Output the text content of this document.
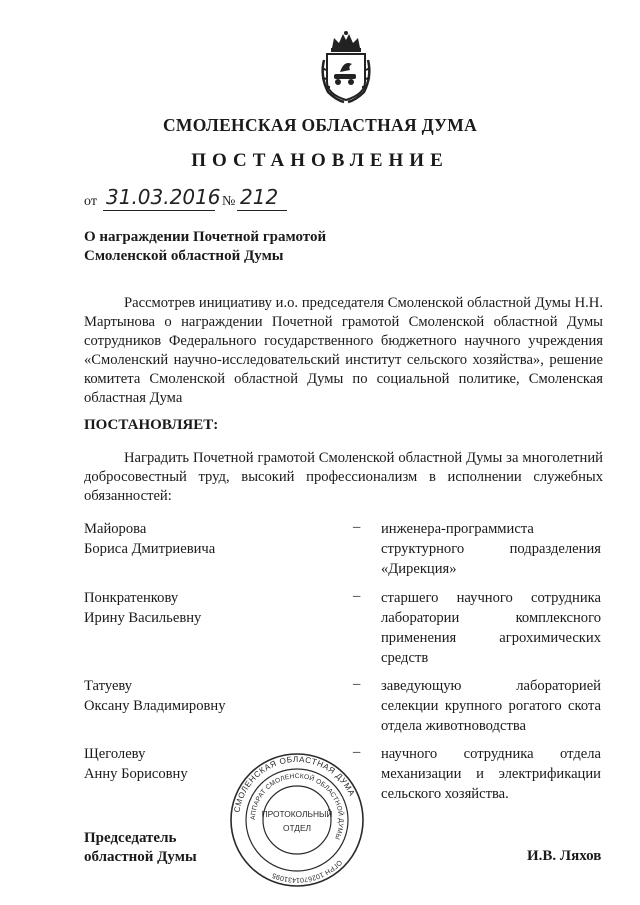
СМОЛЕНСКАЯ ОБЛАСТНАЯ ДУМА
ПОСТАНОВЛЕНИЕ
от 31.03.2016 № 212
О награждении Почетной грамотой
Смоленской областной Думы
Рассмотрев инициативу и.о. председателя Смоленской областной Думы Н.Н. Мартынова о награждении Почетной грамотой Смоленской областной Думы сотрудников Федерального государственного бюджетного научного учреждения «Смоленский научно-исследовательский институт сельского хозяйства», решение комитета Смоленской областной Думы по социальной политике, Смоленская областная Дума
ПОСТАНОВЛЯЕТ:
Наградить Почетной грамотой Смоленской областной Думы за многолетний добросовестный труд, высокий профессионализм в исполнении служебных обязанностей:
Майорова
Бориса Дмитриевича
– инженера-программиста структурного подразделения «Дирекция»
Понкратенкову
Ирину Васильевну
– старшего научного сотрудника лаборатории комплексного применения агрохимических средств
Татуеву
Оксану Владимировну
– заведующую лабораторией селекции крупного рогатого скота отдела животноводства
Щеголеву
Анну Борисовну
– научного сотрудника отдела механизации и электрификации сельского хозяйства.
СМОЛЕНСКАЯ ОБЛАСТНАЯ ДУМА
ОГРН 1026701431095
АППАРАТ СМОЛЕНСКОЙ ОБЛАСТНОЙ ДУМЫ
ПРОТОКОЛЬНЫЙ
ОТДЕЛ
Председатель
областной Думы	И.В. Ляхов
